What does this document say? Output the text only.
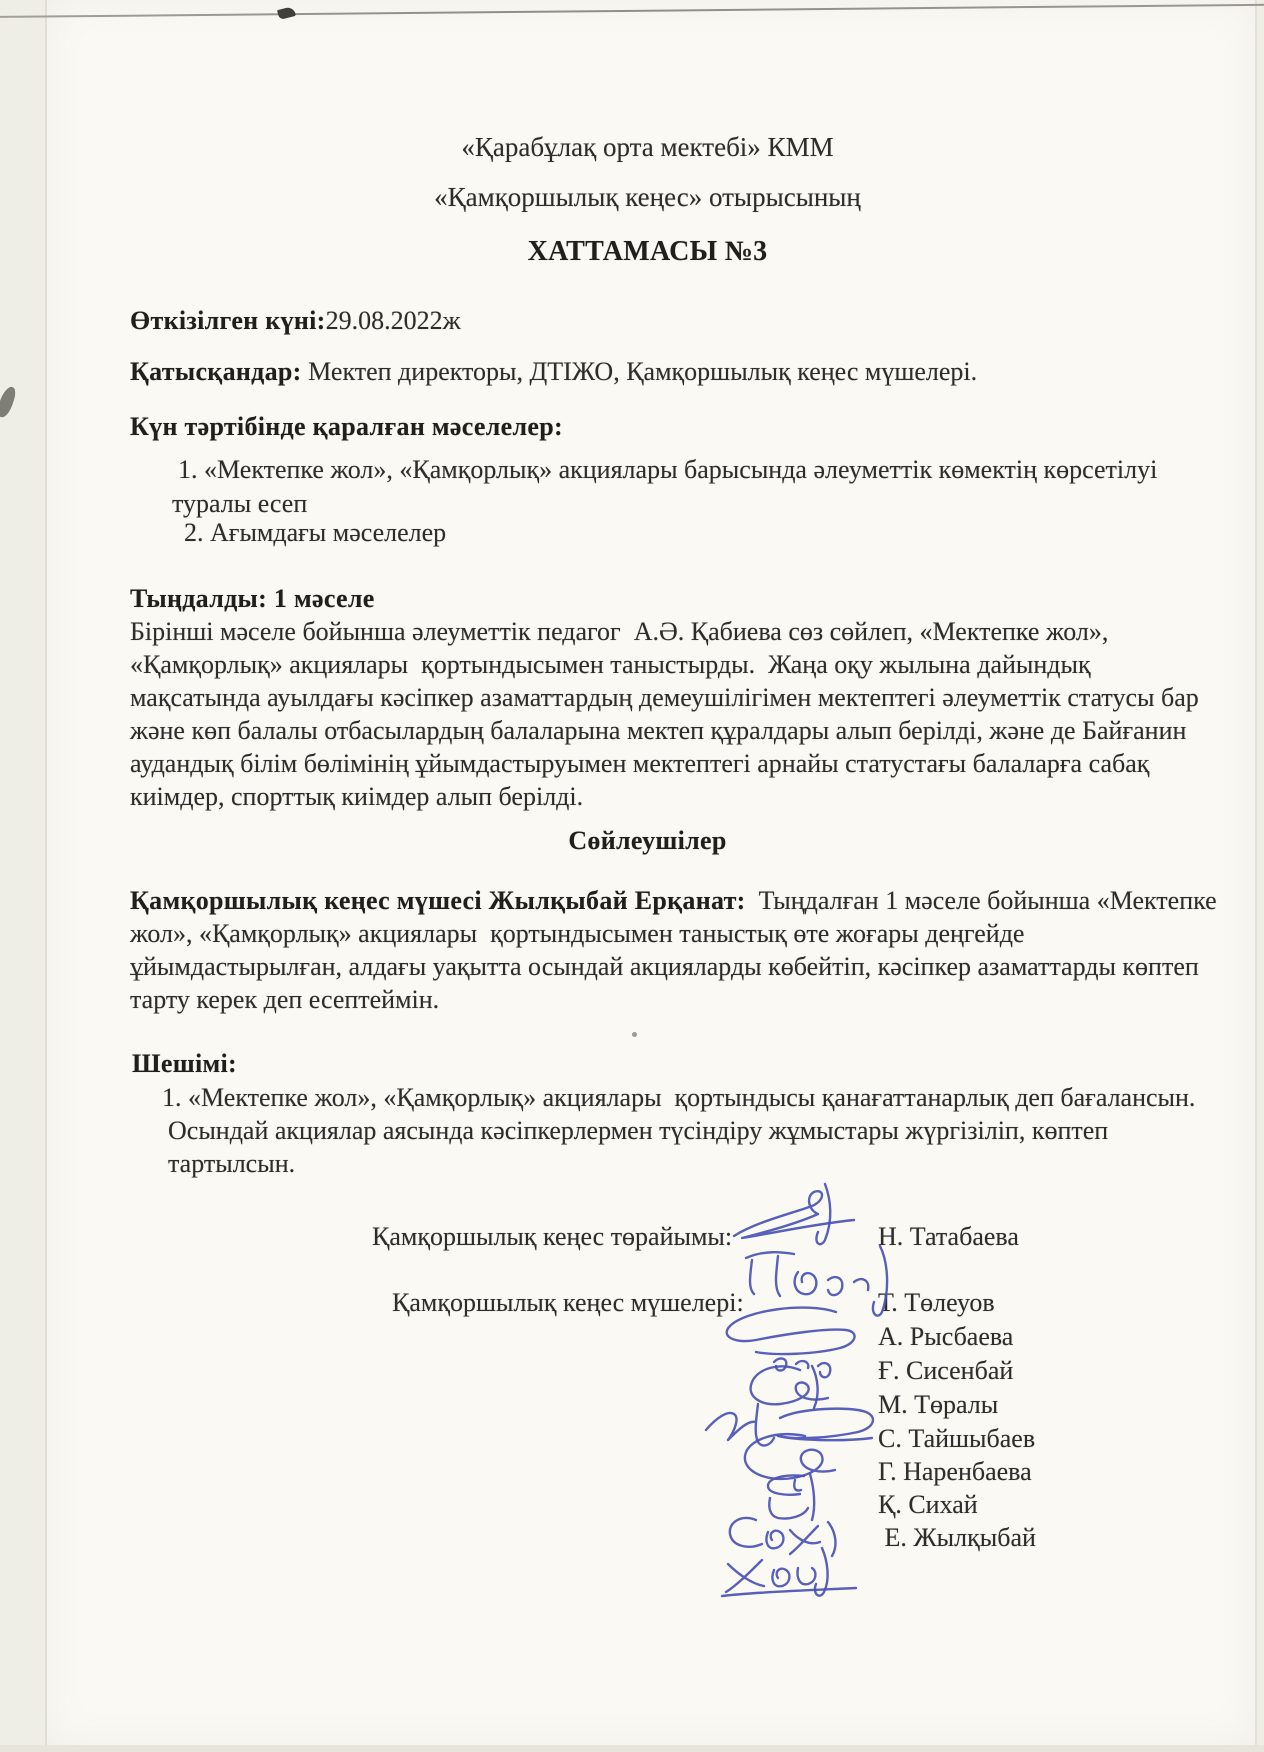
«Қарабұлақ орта мектебі» КММ
«Қамқоршылық кеңес» отырысының
ХАТТАМАСЫ №3
Өткізілген күні:29.08.2022ж
Қатысқандар: Мектеп директоры, ДТІЖО, Қамқоршылық кеңес мүшелері.
Күн тәртібінде қаралған мәселелер:
1. «Мектепке жол», «Қамқорлық» акциялары барысында әлеуметтік көмектің көрсетілуі
туралы есеп
2. Ағымдағы мәселелер
Тыңдалды: 1 мәселе
Бірінші мәселе бойынша әлеуметтік педагог  А.Ә. Қабиева сөз сөйлеп, «Мектепке жол»,
«Қамқорлық» акциялары  қортындысымен таныстырды.  Жаңа оқу жылына дайындық
мақсатында ауылдағы кәсіпкер азаматтардың демеушілігімен мектептегі әлеуметтік статусы бар
және көп балалы отбасылардың балаларына мектеп құралдары алып берілді, және де Байғанин
аудандық білім бөлімінің ұйымдастыруымен мектептегі арнайы статустағы балаларға сабақ
киімдер, спорттық киімдер алып берілді.
Сөйлеушілер
Қамқоршылық кеңес мүшесі Жылқыбай Ерқанат:  Тыңдалған 1 мәселе бойынша «Мектепке
жол», «Қамқорлық» акциялары  қортындысымен таныстық өте жоғары деңгейде
ұйымдастырылған, алдағы уақытта осындай акцияларды көбейтіп, кәсіпкер азаматтарды көптеп
тарту керек деп есептеймін.
Шешімі:
1. «Мектепке жол», «Қамқорлық» акциялары  қортындысы қанағаттанарлық деп бағалансын.
Осындай акциялар аясында кәсіпкерлермен түсіндіру жұмыстары жүргізіліп, көптеп
тартылсын.
Қамқоршылық кеңес төрайымы:	Н. Татабаева
Қамқоршылық кеңес мүшелері:	Т. Төлеуов
А. Рысбаева
Ғ. Сисенбай
М. Төралы
С. Тайшыбаев
Г. Наренбаева
Қ. Сихай
Е. Жылқыбай
